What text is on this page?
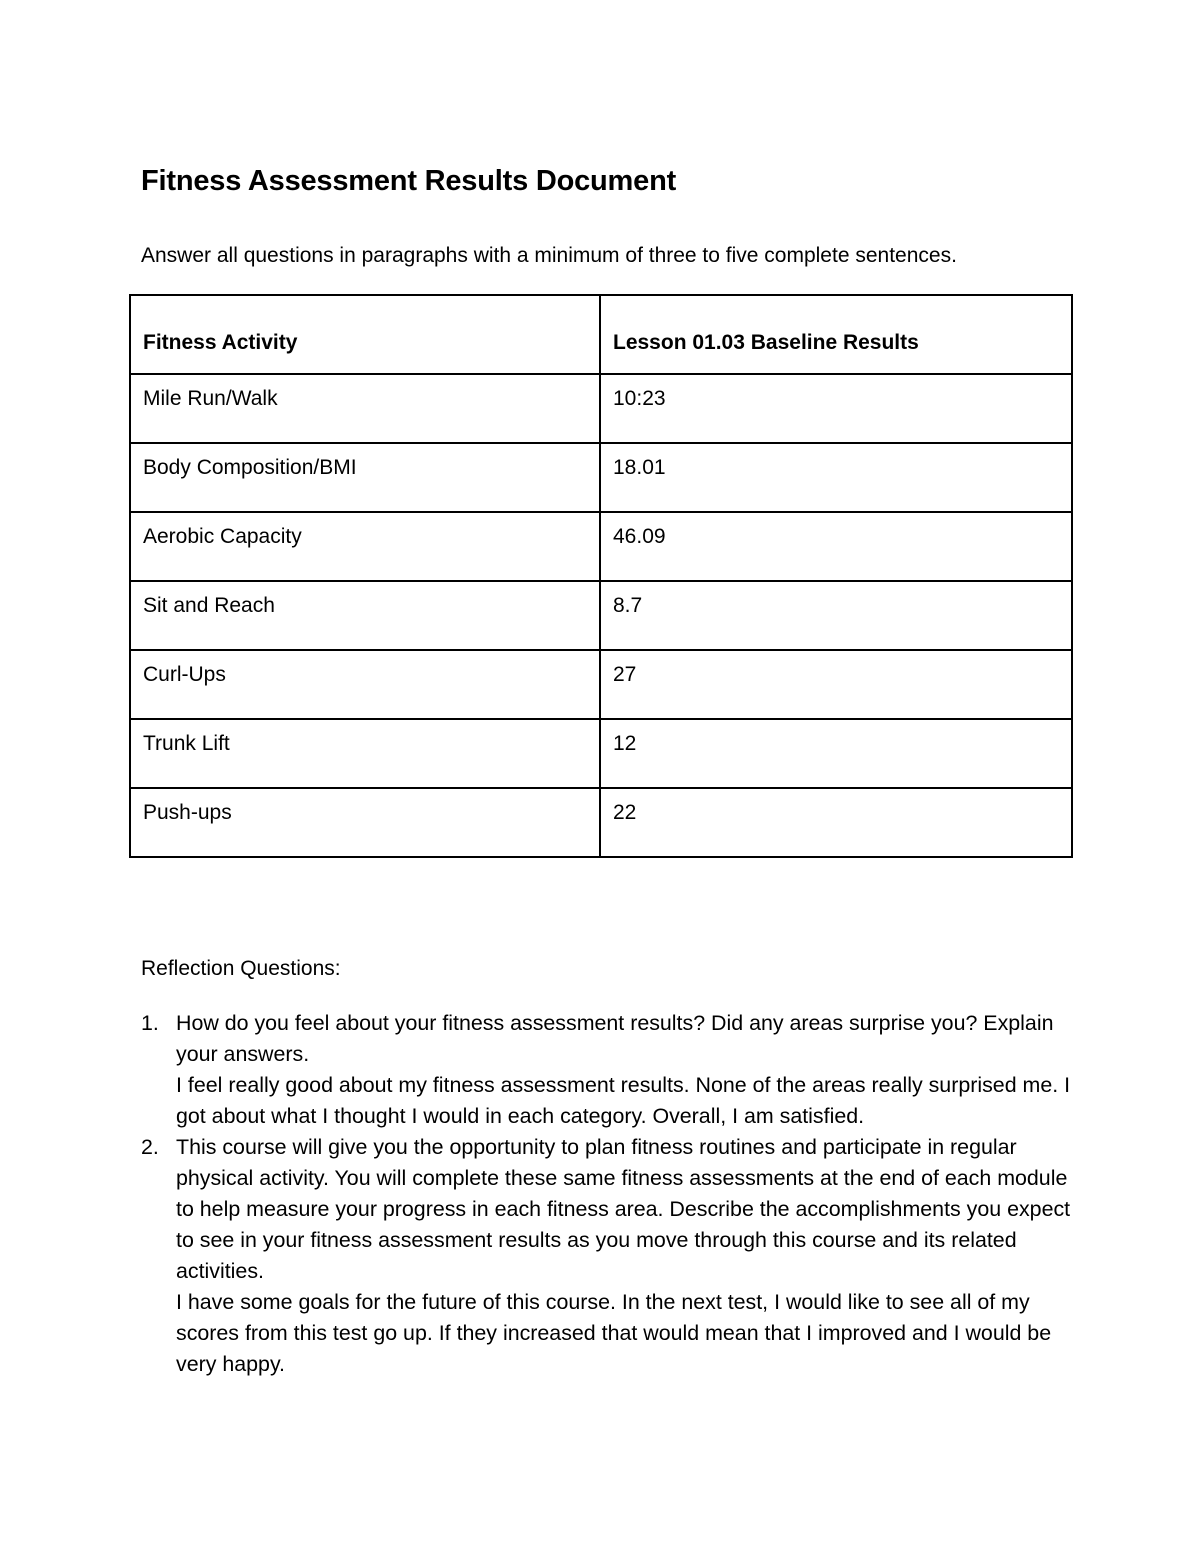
Fitness Assessment Results Document
Answer all questions in paragraphs with a minimum of three to five complete sentences.
Fitness Activity	Lesson 01.03 Baseline Results
Mile Run/Walk	10:23
Body Composition/BMI	18.01
Aerobic Capacity	46.09
Sit and Reach	8.7
Curl-Ups	27
Trunk Lift	12
Push-ups	22
Reflection Questions:
1. How do you feel about your fitness assessment results? Did any areas surprise you? Explain your answers.
I feel really good about my fitness assessment results. None of the areas really surprised me. I got about what I thought I would in each category. Overall, I am satisfied.
2. This course will give you the opportunity to plan fitness routines and participate in regular physical activity. You will complete these same fitness assessments at the end of each module to help measure your progress in each fitness area. Describe the accomplishments you expect to see in your fitness assessment results as you move through this course and its related activities.
I have some goals for the future of this course. In the next test, I would like to see all of my scores from this test go up. If they increased that would mean that I improved and I would be very happy.
